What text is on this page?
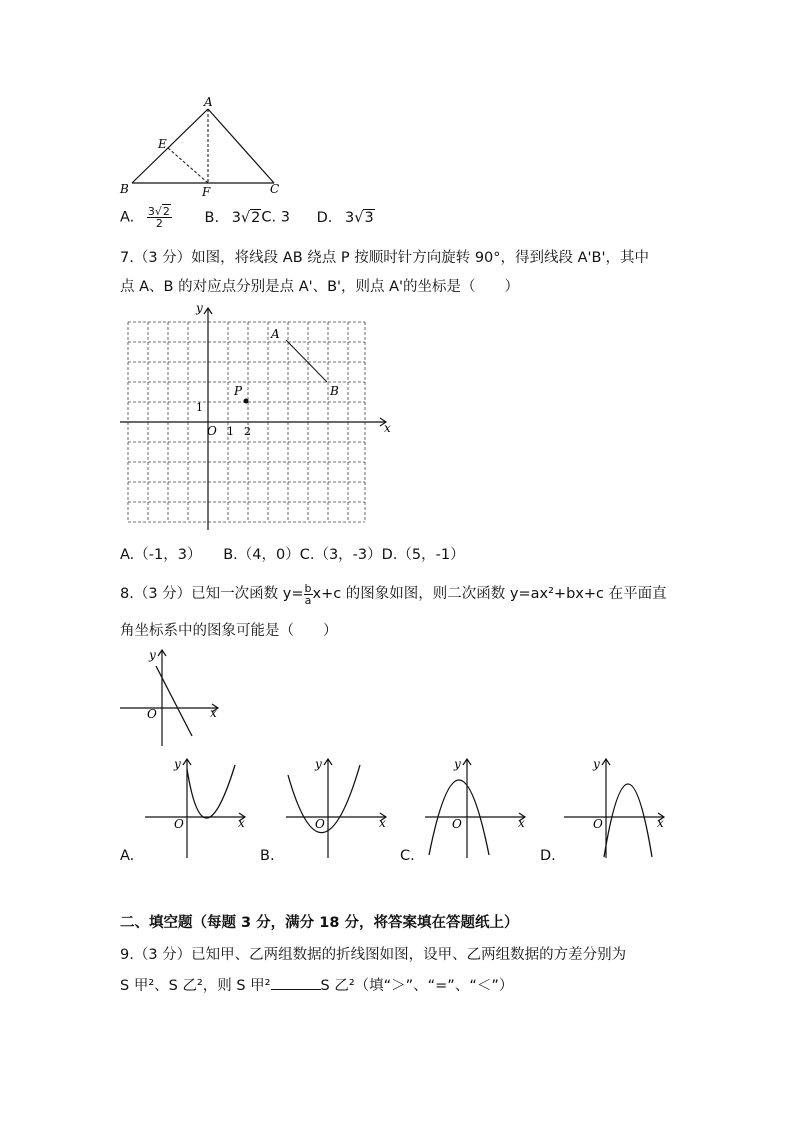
A
E
B	F	C
A. $\frac{3√2}{2} B$. 3√2C. 3 D. 3√3
7.（3 分）如图，将线段 AB 绕点 P 按顺时针方向旋转 90°，得到线段 A'B'，其中
点 A、B 的对应点分别是点 A'、B'，则点 A'的坐标是（　　）
y
x
A
B
P
O
1
1 2
A.（-1，3）　　B.（4，0）C.（3，-3）D.（5，-1）
8.（3 分）已知一次函数 $y= \frac{b}{a} x+c$ 的图象如图，则二次函数 y=ax²+bx+c 在平面直
角坐标系中的图象可能是（　　）
y
x
O
y
x
O
y
x
O
y
x
O
y
x
O
A.	B.	C.	D.
二、填空题（每题 3 分，满分 18 分，将答案填在答题纸上）
9.（3 分）已知甲、乙两组数据的折线图如图，设甲、乙两组数据的方差分别为
S 甲²、S 乙²，则 S 甲²	S 乙²（填“＞”、“=”、“＜”）
